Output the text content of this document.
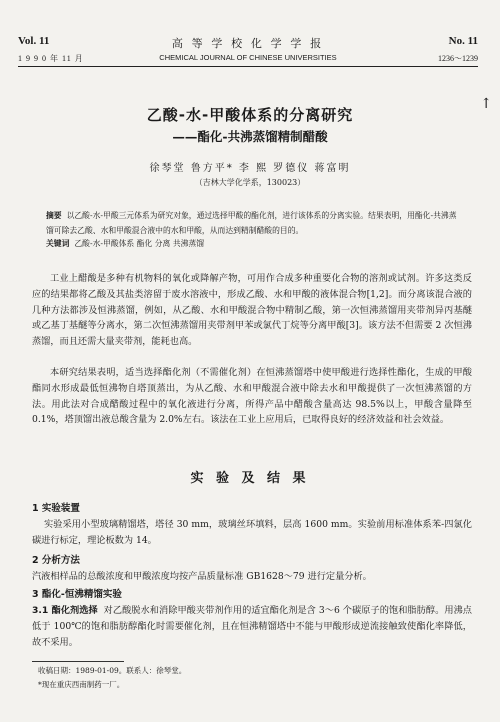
Vol. 11	高 等 学 校 化 学 学 报	No. 11
1 9 9 0 年 11 月	CHEMICAL JOURNAL OF CHINESE UNIVERSITIES	1236～1239
↑
乙酸-水-甲酸体系的分离研究
——酯化-共沸蒸馏精制醋酸
徐琴堂 鲁方平* 李 熙 罗德仪 蒋富明
（吉林大学化学系，130023）
摘要 以乙酸-水-甲酸三元体系为研究对象，通过选择甲酸的酯化剂，进行该体系的分离实验。结果表明，用酯化-共沸蒸馏可除去乙酸、水和甲酸混合液中的水和甲酸，从而达到精制醋酸的目的。
关键词 乙酸-水-甲酸体系 酯化 分离 共沸蒸馏
工业上醋酸是多种有机物料的氧化或降解产物，可用作合成多种重要化合物的溶剂或试剂。许多这类反应的结果都将乙酸及其盐类溶留于废水溶液中，形成乙酸、水和甲酸的液体混合物[1,2]。而分离该混合液的几种方法都涉及恒沸蒸馏，例如，从乙酸、水和甲酸混合物中精制乙酸，第一次恒沸蒸馏用夹带剂异丙基醚或乙基丁基醚等分离水，第二次恒沸蒸馏用夹带剂甲苯或氯代丁烷等分离甲酸[3]。该方法不但需要 2 次恒沸蒸馏，而且还需大量夹带剂，能耗也高。
本研究结果表明，适当选择酯化剂（不需催化剂）在恒沸蒸馏塔中使甲酸进行选择性酯化，生成的甲酸酯同水形成最低恒沸物自塔顶蒸出，为从乙酸、水和甲酸混合液中除去水和甲酸提供了一次恒沸蒸馏的方法。用此法对合成醋酸过程中的氧化液进行分离，所得产品中醋酸含量高达 98.5%以上，甲酸含量降至 0.1%，塔顶馏出液总酸含量为 2.0%左右。该法在工业上应用后，已取得良好的经济效益和社会效益。
实 验 及 结 果
1 实验装置
实验采用小型玻璃精馏塔，塔径 30 mm，玻璃丝环填料，层高 1600 mm。实验前用标准体系苯-四氯化碳进行标定，理论板数为 14。
2 分析方法
汽液相样品的总酸浓度和甲酸浓度均按产品质量标准 GB1628～79 进行定量分析。
3 酯化-恒沸精馏实验
3.1 酯化剂选择 对乙酸脱水和消除甲酸夹带剂作用的适宜酯化剂是含 3～6 个碳原子的饱和脂肪醇。用沸点低于 100℃的饱和脂肪醇酯化时需要催化剂，且在恒沸精馏塔中不能与甲酸形成逆流接触致使酯化率降低，故不采用。
收稿日期：1989-01-09。联系人：徐琴堂。
*现在重庆西南制药一厂。
